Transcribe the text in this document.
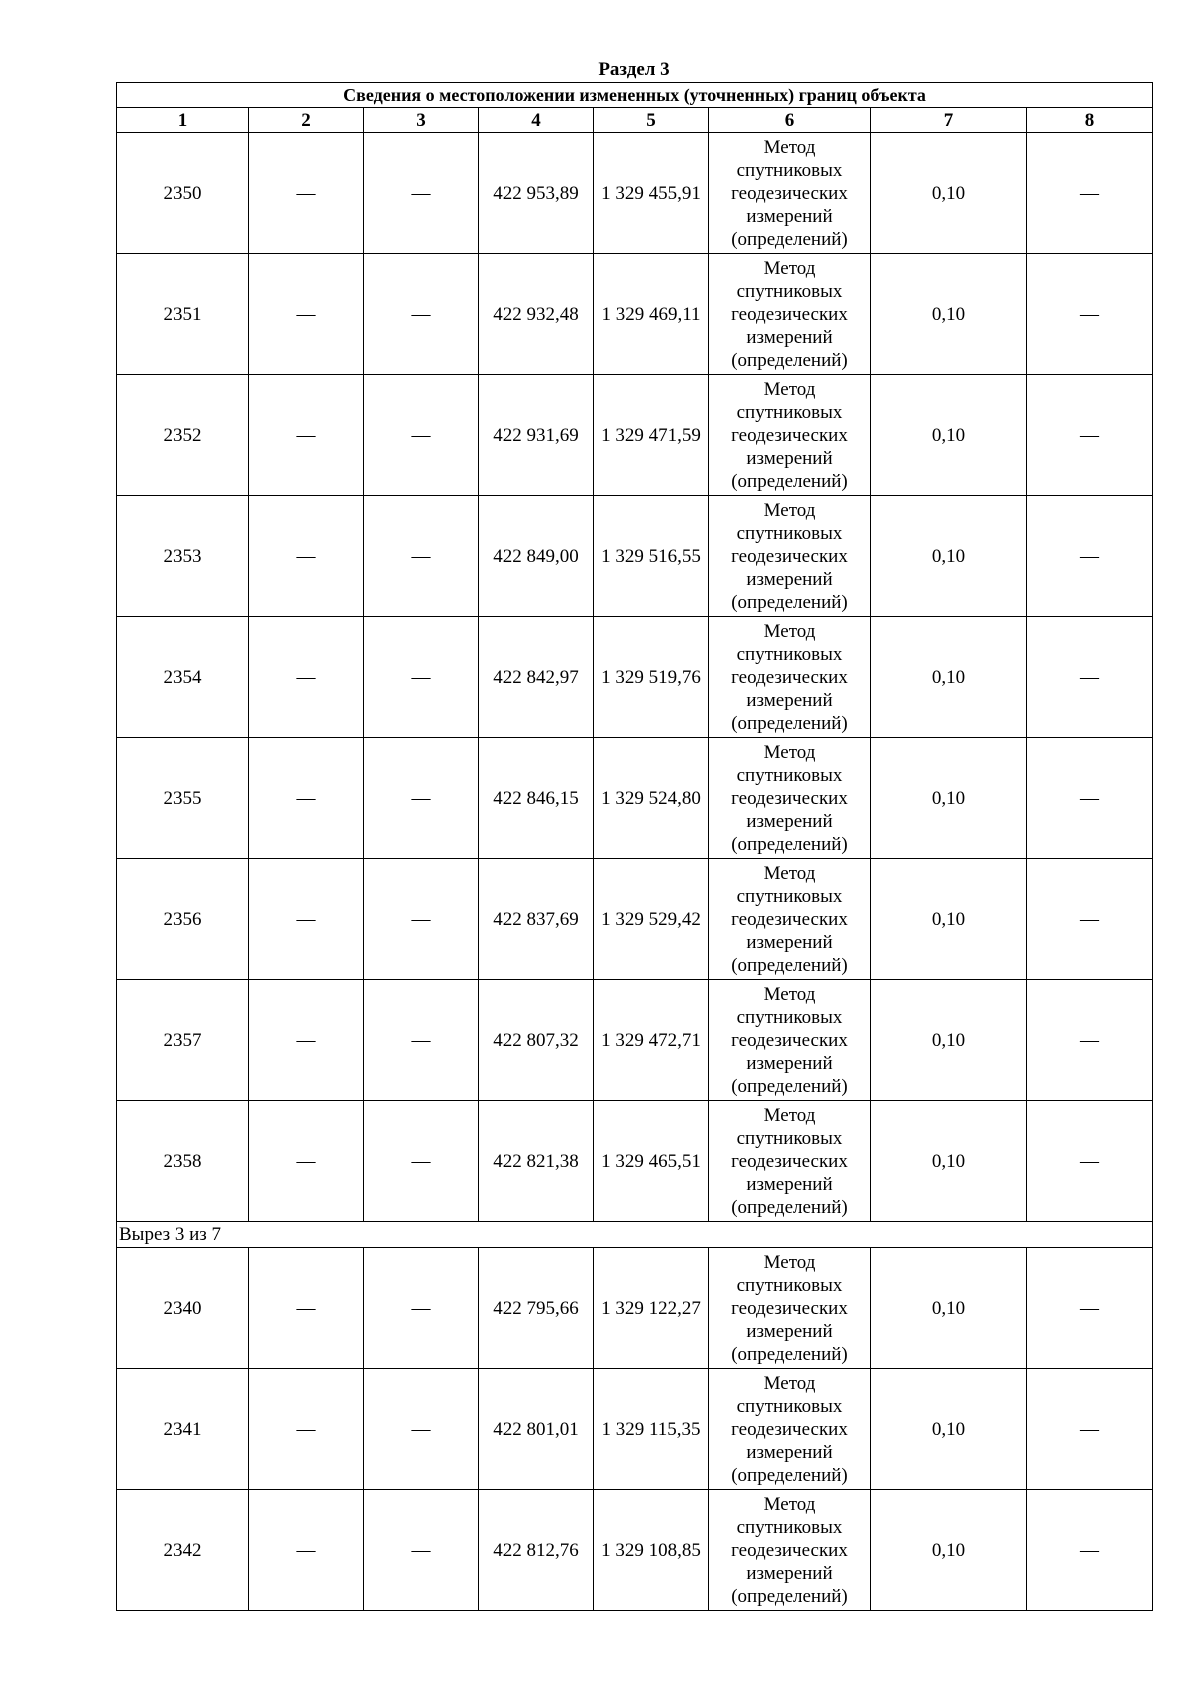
Раздел 3
Сведения о местоположении измененных (уточненных) границ объекта							
1	2	3	4	5	6	7	8
2350	—	—	422 953,89	1 329 455,91	Метод спутниковых геодезических измерений (определений)	0,10	—
2351	—	—	422 932,48	1 329 469,11	Метод спутниковых геодезических измерений (определений)	0,10	—
2352	—	—	422 931,69	1 329 471,59	Метод спутниковых геодезических измерений (определений)	0,10	—
2353	—	—	422 849,00	1 329 516,55	Метод спутниковых геодезических измерений (определений)	0,10	—
2354	—	—	422 842,97	1 329 519,76	Метод спутниковых геодезических измерений (определений)	0,10	—
2355	—	—	422 846,15	1 329 524,80	Метод спутниковых геодезических измерений (определений)	0,10	—
2356	—	—	422 837,69	1 329 529,42	Метод спутниковых геодезических измерений (определений)	0,10	—
2357	—	—	422 807,32	1 329 472,71	Метод спутниковых геодезических измерений (определений)	0,10	—
2358	—	—	422 821,38	1 329 465,51	Метод спутниковых геодезических измерений (определений)	0,10	—
Вырез 3 из 7							
2340	—	—	422 795,66	1 329 122,27	Метод спутниковых геодезических измерений (определений)	0,10	—
2341	—	—	422 801,01	1 329 115,35	Метод спутниковых геодезических измерений (определений)	0,10	—
2342	—	—	422 812,76	1 329 108,85	Метод спутниковых геодезических измерений (определений)	0,10	—
